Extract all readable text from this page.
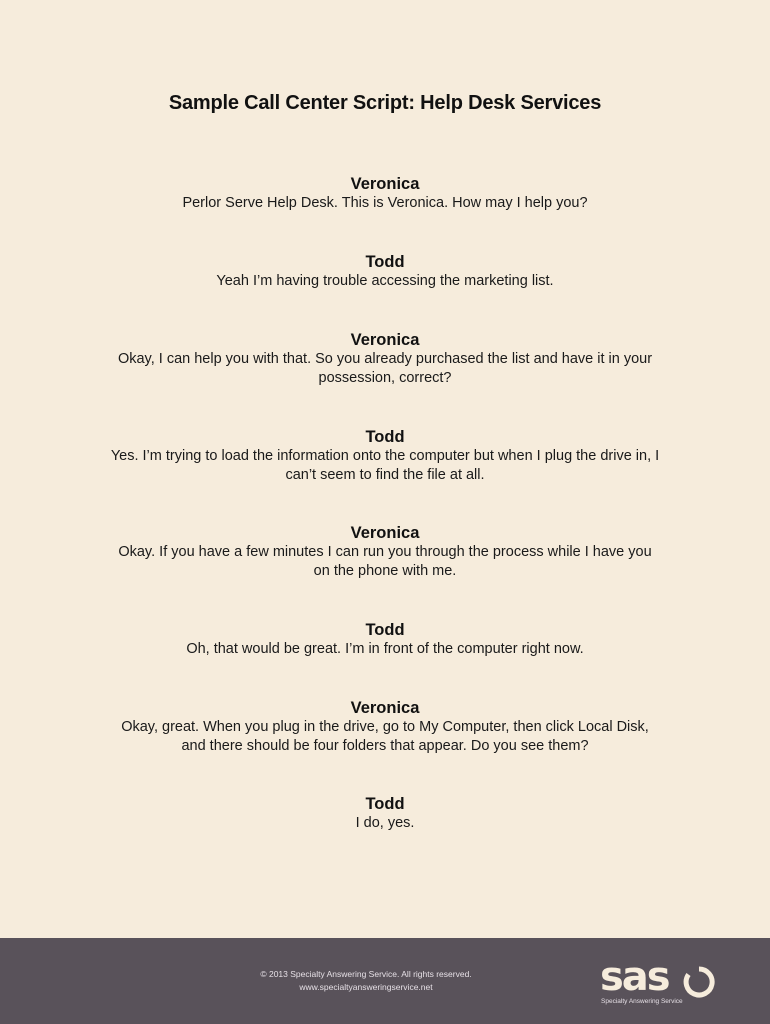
Sample Call Center Script: Help Desk Services
Veronica
Perlor Serve Help Desk. This is Veronica. How may I help you?
Todd
Yeah I’m having trouble accessing the marketing list.
Veronica
Okay, I can help you with that. So you already purchased the list and have it in your possession, correct?
Todd
Yes. I’m trying to load the information onto the computer but when I plug the drive in, I can’t seem to find the file at all.
Veronica
Okay. If you have a few minutes I can run you through the process while I have you on the phone with me.
Todd
Oh, that would be great. I’m in front of the computer right now.
Veronica
Okay, great. When you plug in the drive, go to My Computer, then click Local Disk, and there should be four folders that appear. Do you see them?
Todd
I do, yes.
© 2013 Specialty Answering Service. All rights reserved.
www.specialtyansweringservice.net	sas
Specialty Answering Service
